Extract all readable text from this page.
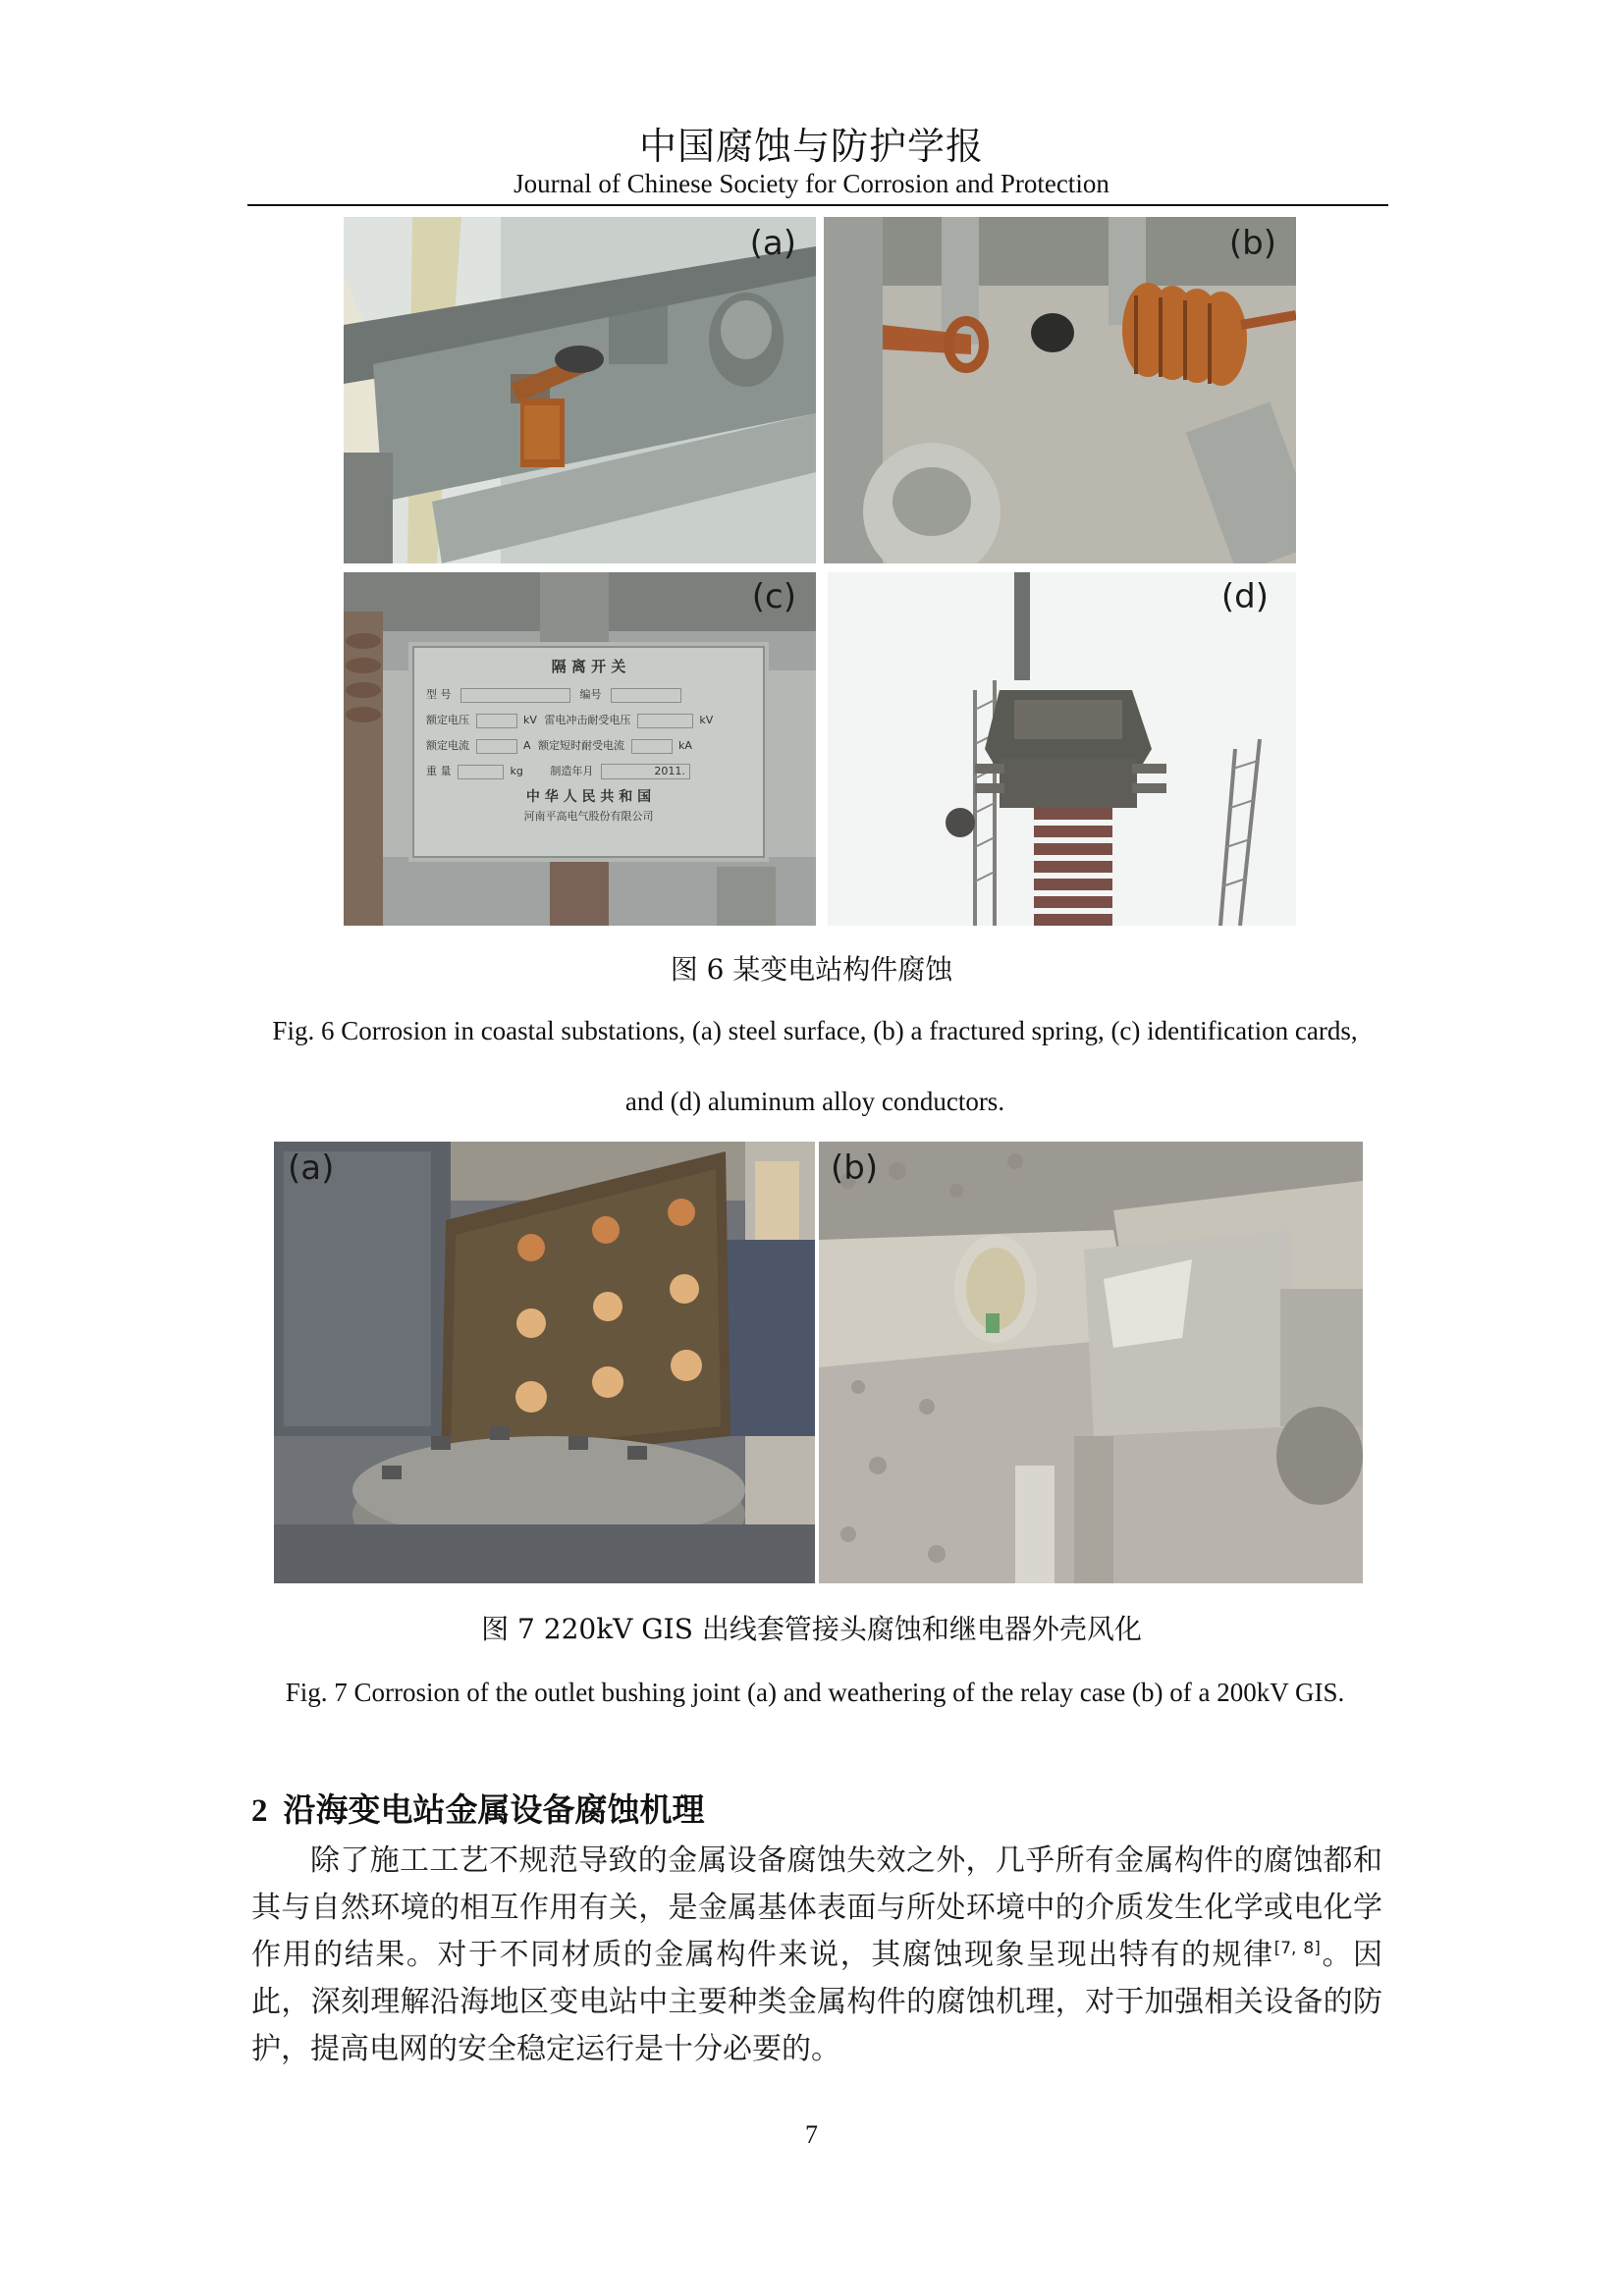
中国腐蚀与防护学报
Journal of Chinese Society for Corrosion and Protection
(a)	(b)
隔 离 开 关
型 号	编号
额定电压	kV 雷电冲击耐受电压	kV
额定电流	A 额定短时耐受电流	kA
重 量	kg	制造年月	2011.
中 华 人 民 共 和 国
河南平高电气股份有限公司
(c)	(d)
图 6 某变电站构件腐蚀
Fig. 6 Corrosion in coastal substations, (a) steel surface, (b) a fractured spring, (c) identification cards, and (d) aluminum alloy conductors.
(a)	(b)
图 7 220kV GIS 出线套管接头腐蚀和继电器外壳风化
Fig. 7 Corrosion of the outlet bushing joint (a) and weathering of the relay case (b) of a 200kV GIS.
2 沿海变电站金属设备腐蚀机理
除了施工工艺不规范导致的金属设备腐蚀失效之外，几乎所有金属构件的腐蚀都和其与自然环境的相互作用有关，是金属基体表面与所处环境中的介质发生化学或电化学作用的结果。对于不同材质的金属构件来说，其腐蚀现象呈现出特有的规律[7, 8]。因此，深刻理解沿海地区变电站中主要种类金属构件的腐蚀机理，对于加强相关设备的防护，提高电网的安全稳定运行是十分必要的。
7
